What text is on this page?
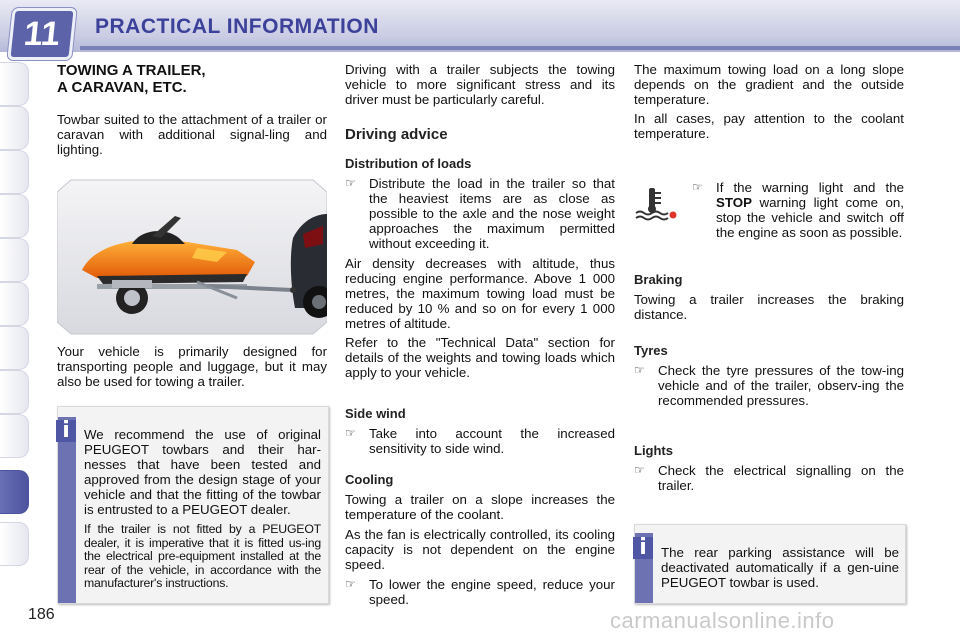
11	PRACTICAL INFORMATION
TOWING A TRAILER,
A CARAVAN, ETC.

Towbar suited to the attachment of a trailer or caravan with additional signal-ling and lighting.

Your vehicle is primarily designed for transporting people and luggage, but it may also be used for towing a trailer.

i	We recommend the use of original PEUGEOT towbars and their har-nesses that have been tested and approved from the design stage of your vehicle and that the fitting of the towbar is entrusted to a PEUGEOT dealer.

If the trailer is not fitted by a PEUGEOT dealer, it is imperative that it is fitted us-ing the electrical pre-equipment installed at the rear of the vehicle, in accordance with the manufacturer's instructions.

Driving with a trailer subjects the towing vehicle to more significant stress and its driver must be particularly careful.

Driving advice
Distribution of loads
☞ Distribute the load in the trailer so that the heaviest items are as close as possible to the axle and the nose weight approaches the maximum permitted without exceeding it.

Air density decreases with altitude, thus reducing engine performance. Above 1 000 metres, the maximum towing load must be reduced by 10 % and so on for every 1 000 metres of altitude.

Refer to the "Technical Data" section for details of the weights and towing loads which apply to your vehicle.

Side wind
☞ Take into account the increased sensitivity to side wind.
Cooling

Towing a trailer on a slope increases the temperature of the coolant.

As the fan is electrically controlled, its cooling capacity is not dependent on the engine speed.

☞ To lower the engine speed, reduce your speed.

The maximum towing load on a long slope depends on the gradient and the outside temperature.

In all cases, pay attention to the coolant temperature.

☞ If the warning light and the STOP warning light come on, stop the vehicle and switch off the engine as soon as possible.
Braking

Towing a trailer increases the braking distance.

Tyres
☞ Check the tyre pressures of the tow-ing vehicle and of the trailer, observ-ing the recommended pressures.
Lights
☞ Check the electrical signalling on the trailer.
i	The rear parking assistance will be deactivated automatically if a gen-uine PEUGEOT towbar is used.

186	carmanualsonline.info
